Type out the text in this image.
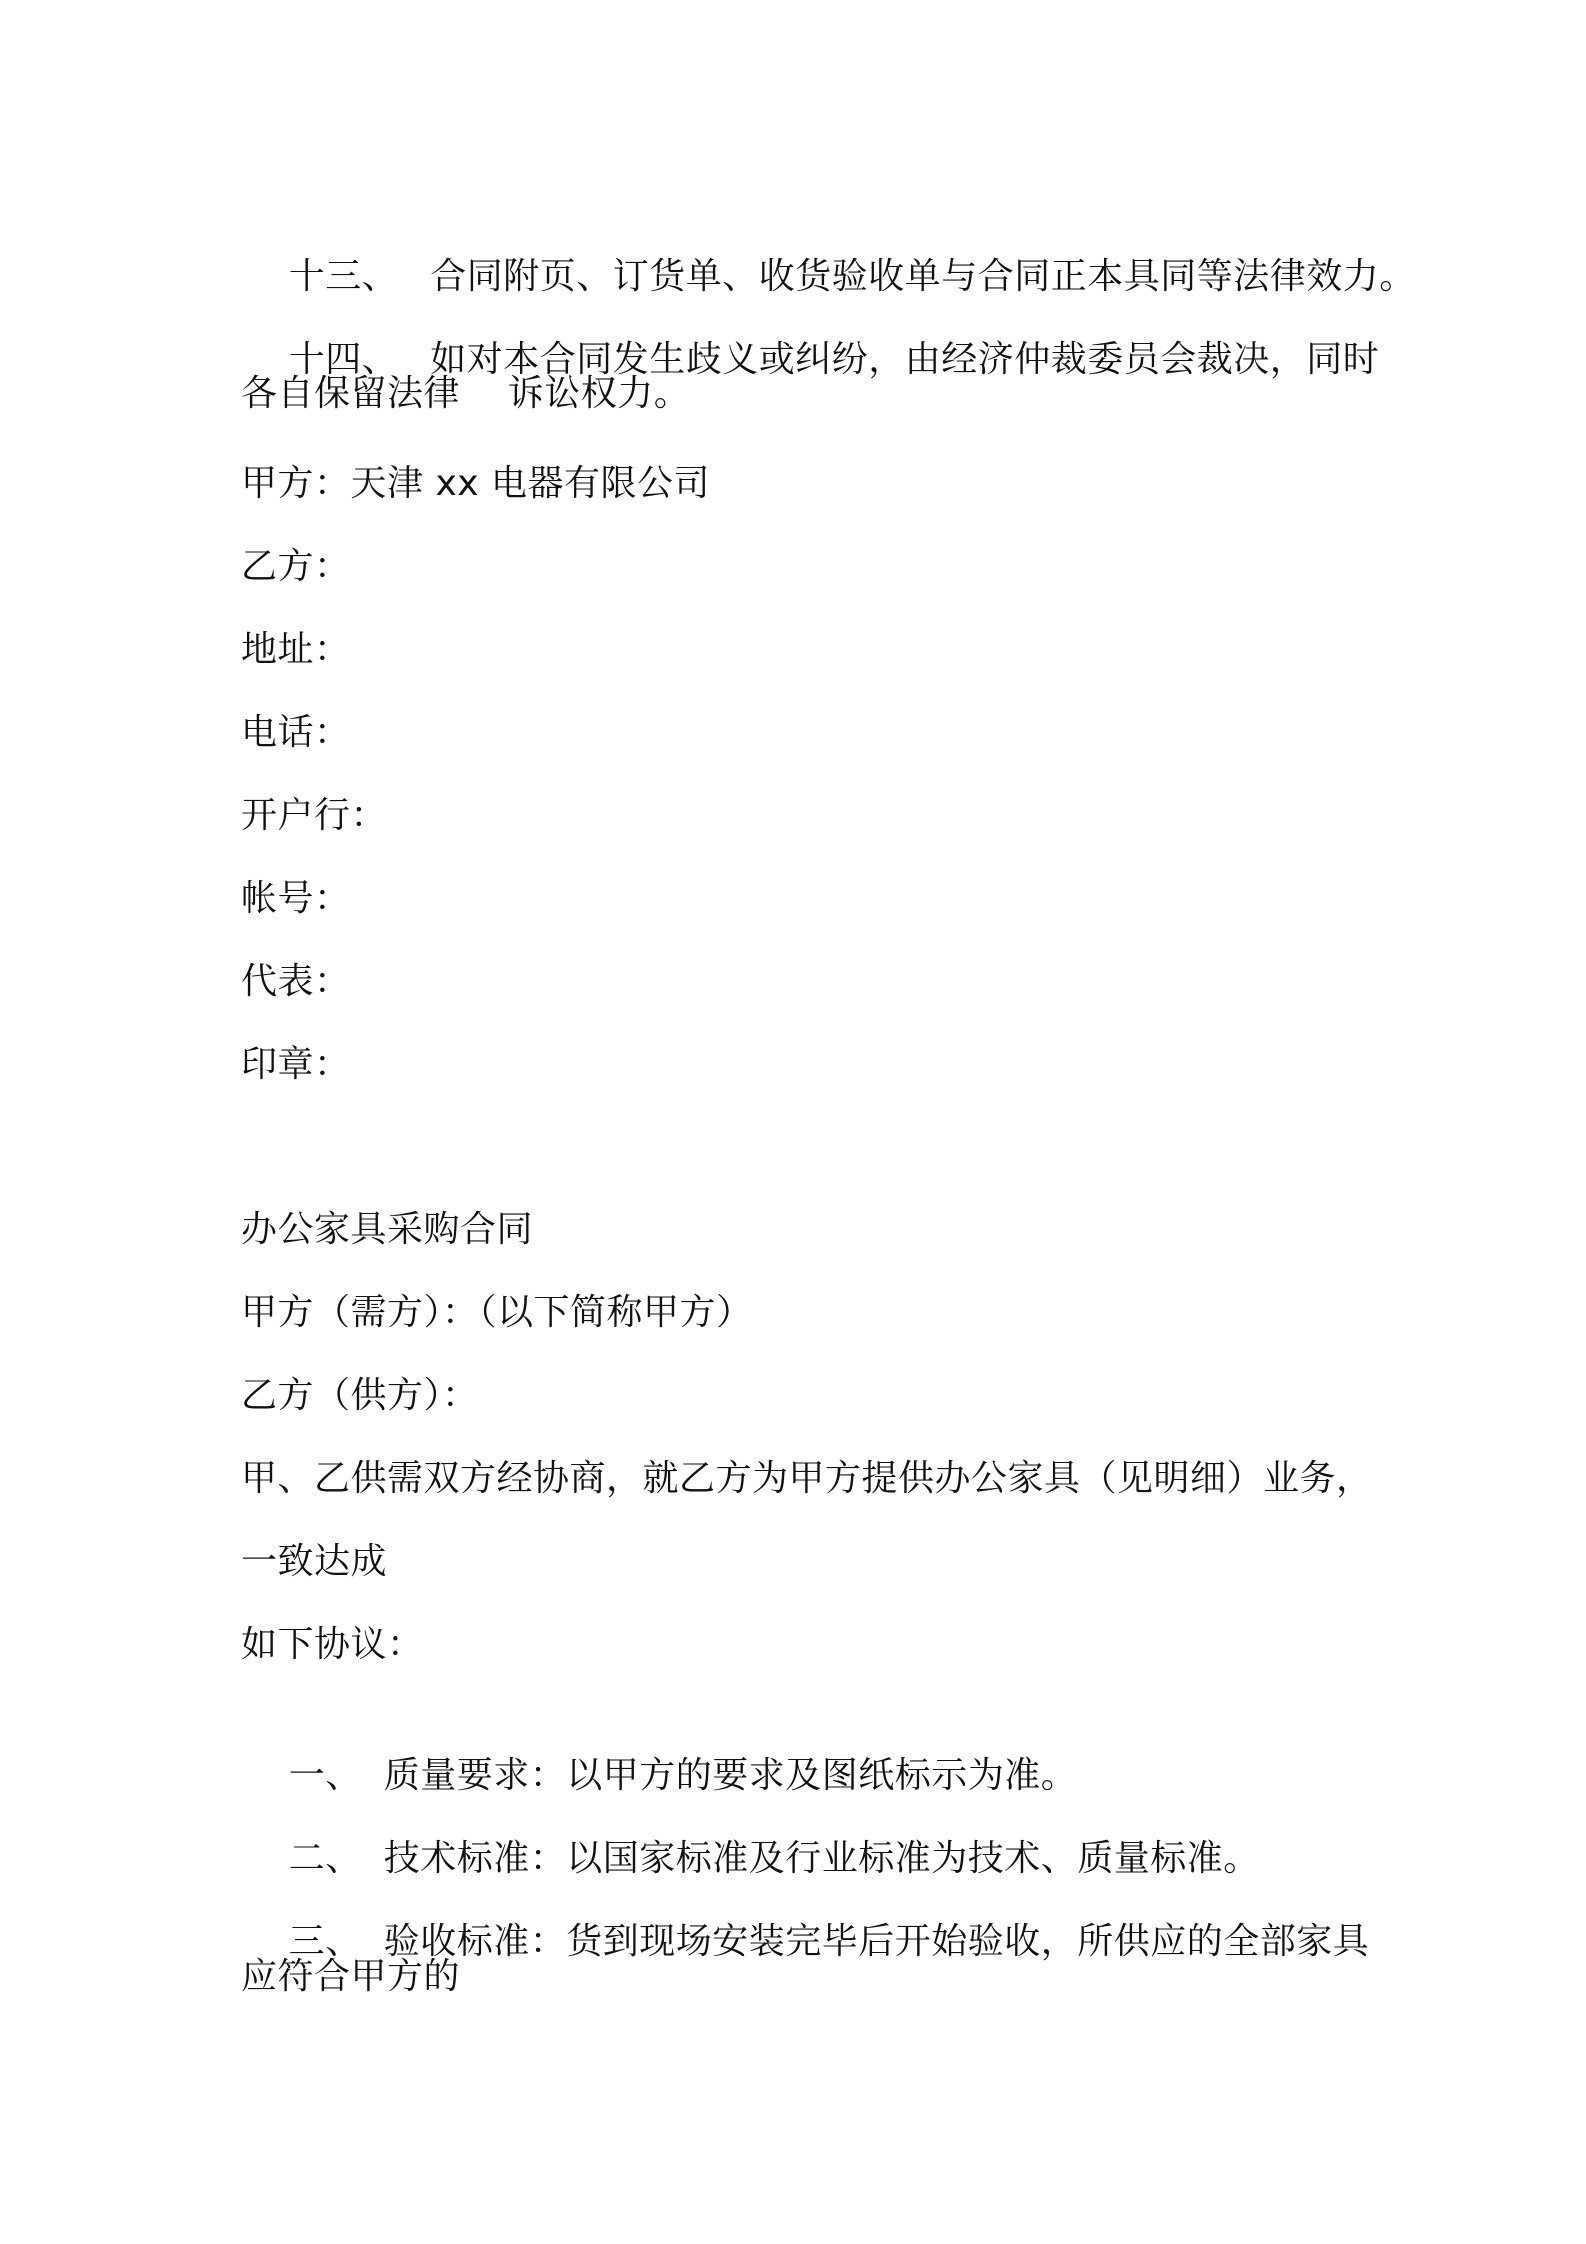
十三、 合同附页、订货单、收货验收单与合同正本具同等法律效力。

十四、 如对本合同发生歧义或纠纷，由经济仲裁委员会裁决，同时

各自保留法律    诉讼权力。
甲方：天津 xx 电器有限公司
乙方：
地址：
电话：
开户行：
帐号：
代表：
印章：
办公家具采购合同
甲方（需方）：（以下简称甲方）
乙方（供方）：
甲、乙供需双方经协商，就乙方为甲方提供办公家具（见明细）业务，
一致达成
如下协议：

一、 质量要求：以甲方的要求及图纸标示为准。

二、 技术标准：以国家标准及行业标准为技术、质量标准。

三、 验收标准：货到现场安装完毕后开始验收，所供应的全部家具

应符合甲方的
